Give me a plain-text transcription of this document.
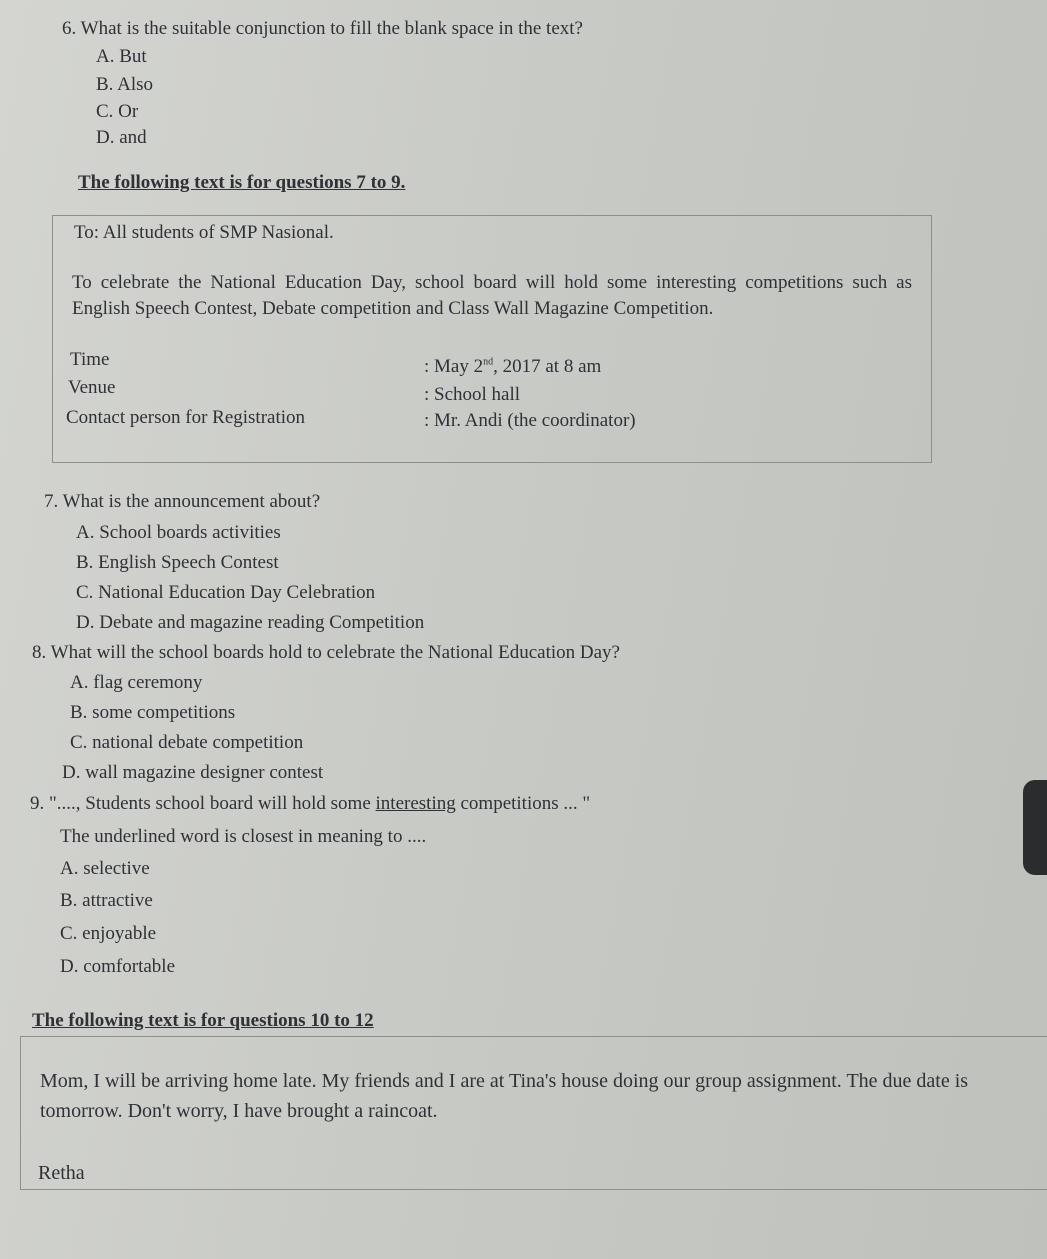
6. What is the suitable conjunction to fill the blank space in the text?
A. But
B. Also
C. Or
D. and
The following text is for questions 7 to 9.
To: All students of SMP Nasional.
To celebrate the National Education Day, school board will hold some interesting competitions such as English Speech Contest, Debate competition and Class Wall Magazine Competition.
Time	: May 2nd, 2017 at 8 am
Venue	: School hall
Contact person for Registration	: Mr. Andi (the coordinator)
7. What is the announcement about?
A. School boards activities
B. English Speech Contest
C. National Education Day Celebration
D. Debate and magazine reading Competition
8. What will the school boards hold to celebrate the National Education Day?
A. flag ceremony
B. some competitions
C. national debate competition
D. wall magazine designer contest
9. "...., Students school board will hold some interesting competitions ... "
The underlined word is closest in meaning to ....
A. selective
B. attractive
C. enjoyable
D. comfortable
The following text is for questions 10 to 12
Mom, I will be arriving home late. My friends and I are at Tina's house doing our group assignment. The due date is tomorrow. Don't worry, I have brought a raincoat.
Retha
